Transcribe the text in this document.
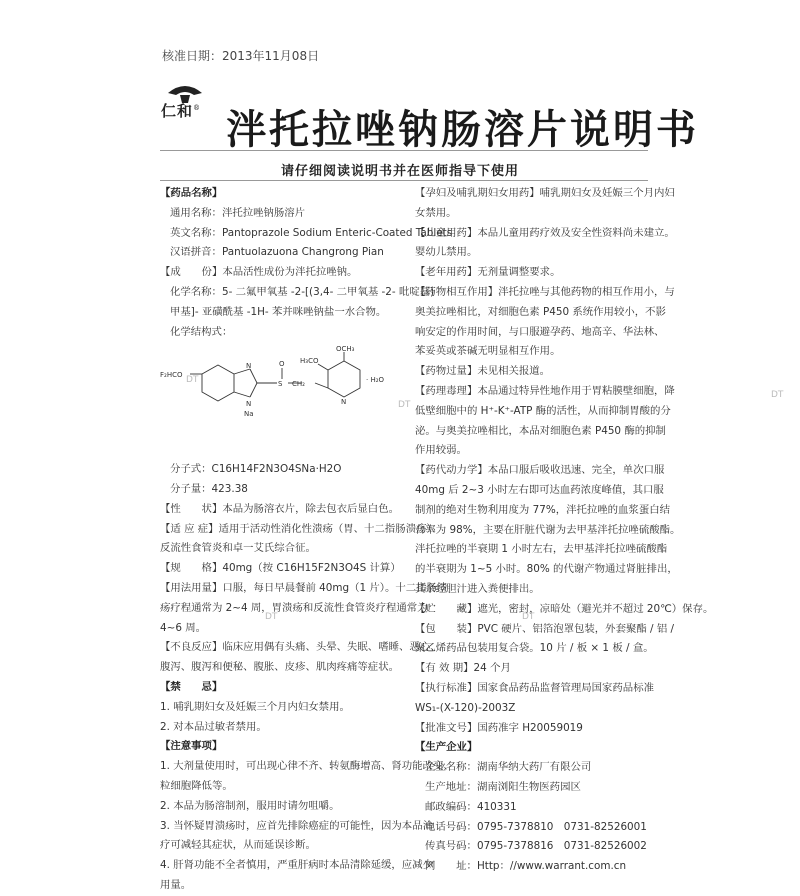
核准日期：2013年11月08日
仁和® 泮托拉唑钠肠溶片说明书
请仔细阅读说明书并在医师指导下使用
【药品名称】
通用名称：泮托拉唑钠肠溶片
英文名称：Pantoprazole Sodium Enteric-Coated Tablets
汉语拼音：Pantuolazuona Changrong Pian
【成　　份】本品活性成份为泮托拉唑钠。
化学名称：5- 二氟甲氧基 -2-[(3,4- 二甲氧基 -2- 吡啶基)
甲基]- 亚磺酰基 -1H- 苯并咪唑钠盐一水合物。
化学结构式：
F₂HCO
N
N
Na
S
O
CH₂
OCH₃
H₃CO
N
· H₂O
分子式：C16H14F2N3O4SNa·H2O
分子量：423.38
【性　　状】本品为肠溶衣片，除去包衣后显白色。
【适 应 症】适用于活动性消化性溃疡（胃、十二指肠溃疡）、
反流性食管炎和卓一艾氏综合征。
【规　　格】40mg（按 C16H15F2N3O4S 计算）
【用法用量】口服，每日早晨餐前 40mg（1 片）。十二指肠溃
疡疗程通常为 2~4 周，胃溃疡和反流性食管炎疗程通常为
4~6 周。
【不良反应】临床应用偶有头痛、头晕、失眠、嗜睡、恶心、
腹泻、腹泻和便秘、腹胀、皮疹、肌肉疼痛等症状。
【禁　　忌】
1. 哺乳期妇女及妊娠三个月内妇女禁用。
2. 对本品过敏者禁用。
【注意事项】
1. 大剂量使用时，可出现心律不齐、转氨酶增高、肾功能改变、
粒细胞降低等。
2. 本品为肠溶制剂，服用时请勿咀嚼。
3. 当怀疑胃溃疡时，应首先排除癌症的可能性，因为本品治
疗可减轻其症状，从而延误诊断。
4. 肝肾功能不全者慎用，严重肝病时本品清除延缓，应减少
用量。
【孕妇及哺乳期妇女用药】哺乳期妇女及妊娠三个月内妇
女禁用。
【儿童用药】本品儿童用药疗效及安全性资料尚未建立。
婴幼儿禁用。
【老年用药】无剂量调整要求。
【药物相互作用】泮托拉唑与其他药物的相互作用小，与
奥美拉唑相比，对细胞色素 P450 系统作用较小，不影
响安定的作用时间，与口服避孕药、地高辛、华法林、
苯妥英或茶碱无明显相互作用。
【药物过量】未见相关报道。
【药理毒理】本品通过特异性地作用于胃粘膜壁细胞，降
低壁细胞中的 H⁺-K⁺-ATP 酶的活性，从而抑制胃酸的分
泌。与奥美拉唑相比，本品对细胞色素 P450 酶的抑制
作用较弱。
【药代动力学】本品口服后吸收迅速、完全，单次口服
40mg 后 2~3 小时左右即可达血药浓度峰值，其口服
制剂的绝对生物利用度为 77%，泮托拉唑的血浆蛋白结
合率为 98%，主要在肝脏代谢为去甲基泮托拉唑硫酸酯。
泮托拉唑的半衰期 1 小时左右，去甲基泮托拉唑硫酸酯
的半衰期为 1~5 小时。80% 的代谢产物通过肾脏排出，
其余经胆汁进入粪便排出。
【贮　　藏】遮光，密封，凉暗处（避光并不超过 20℃）保存。
【包　　装】PVC 硬片、铝箔泡罩包装，外套聚酯 / 铝 /
聚乙烯药品包装用复合袋。10 片 / 板 × 1 板 / 盒。
【有 效 期】24 个月
【执行标准】国家食品药品监督管理局国家药品标准
WS₁-(X-120)-2003Z
【批准文号】国药准字 H20059019
【生产企业】
企业名称：湖南华纳大药厂有限公司
生产地址：湖南浏阳生物医药园区
邮政编码：410331
电话号码：0795-7378810　0731-82526001
传真号码：0795-7378816　0731-82526002
网　　址：Http：//www.warrant.com.cn
DT
DT
DT
DT	DT
